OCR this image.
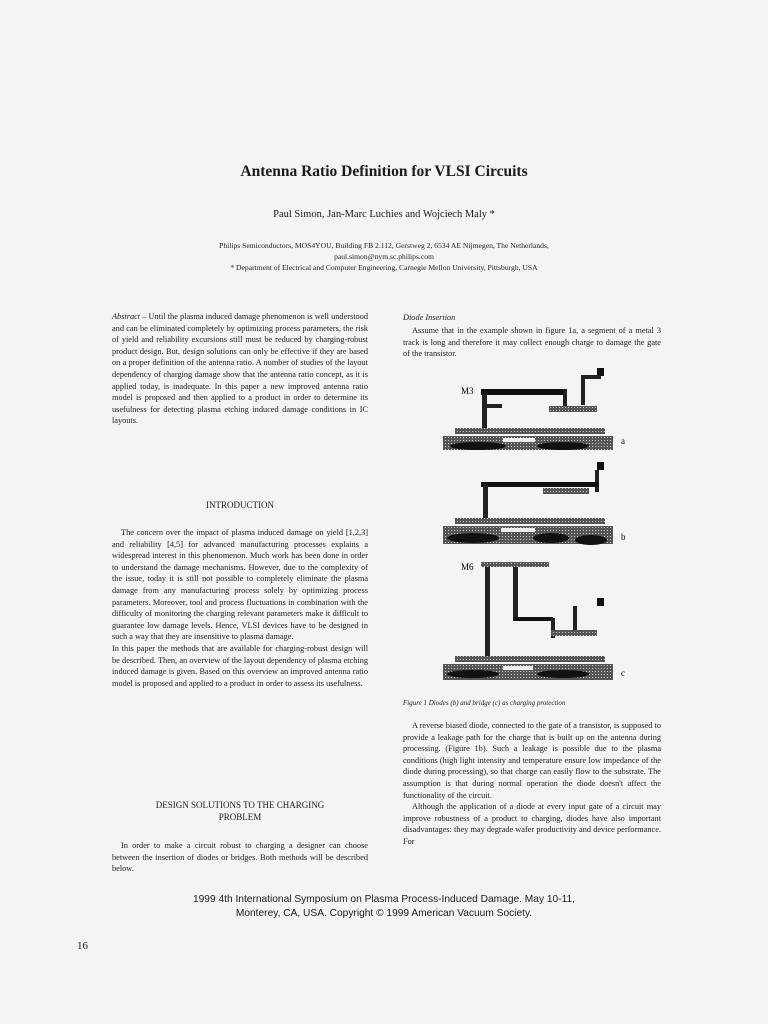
Antenna Ratio Definition for VLSI Circuits
Paul Simon, Jan-Marc Luchies and Wojciech Maly *
Philips Semiconductors, MOS4YOU, Building FB 2.112, Gerstweg 2, 6534 AE Nijmegen, The Netherlands,
paul.simon@nym.sc.philips.com
* Department of Electrical and Computer Engineering, Carnegie Mellon University, Pittsburgh, USA

Abstract – Until the plasma induced damage phenomenon is well understood and can be eliminated completely by optimizing process parameters, the risk of yield and reliability excursions still must be reduced by charging-robust product design. But, design solutions can only be effective if they are based on a proper definition of the antenna ratio. A number of studies of the layout dependency of charging damage show that the antenna ratio concept, as it is applied today, is inadequate. In this paper a new improved antenna ratio model is proposed and then applied to a product in order to determine its usefulness for detecting plasma etching induced damage conditions in IC layouts.

INTRODUCTION

The concern over the impact of plasma induced damage on yield [1,2,3] and reliability [4,5] for advanced manufacturing processes explains a widespread interest in this phenomenon. Much work has been done in order to understand the damage mechanisms. However, due to the complexity of the issue, today it is still not possible to completely eliminate the plasma damage from any manufacturing process solely by optimizing process parameters. Moreover, tool and process fluctuations in combination with the difficulty of monitoring the charging relevant parameters make it difficult to guarantee low damage levels. Hence, VLSI devices have to be designed in such a way that they are insensitive to plasma damage.

In this paper the methods that are available for charging-robust design will be described. Then, an overview of the layout dependency of plasma etching induced damage is given. Based on this overview an improved antenna ratio model is proposed and applied to a product in order to assess its usefulness.

DESIGN SOLUTIONS TO THE CHARGING
PROBLEM

In order to make a circuit robust to charging a designer can choose between the insertion of diodes or bridges. Both methods will be described below.

Diode Insertion

Assume that in the example shown in figure 1a, a segment of a metal 3 track is long and therefore it may collect enough charge to damage the gate of the transistor.

M3
M6
a
b
c
Figure 1 Diodes (b) and bridge (c) as charging protection

A reverse biased diode, connected to the gate of a transistor, is supposed to provide a leakage path for the charge that is built up on the antenna during processing. (Figure 1b). Such a leakage is possible due to the plasma conditions (high light intensity and temperature ensure low impedance of the diode during processing), so that charge can easily flow to the substrate. The assumption is that during normal operation the diode doesn't affect the functionality of the circuit.

Although the application of a diode at every input gate of a circuit may improve robustness of a product to charging, diodes have also important disadvantages: they may degrade wafer productivity and device performance. For

1999 4th International Symposium on Plasma Process-Induced Damage. May 10-11,
Monterey, CA, USA. Copyright © 1999 American Vacuum Society.
16
